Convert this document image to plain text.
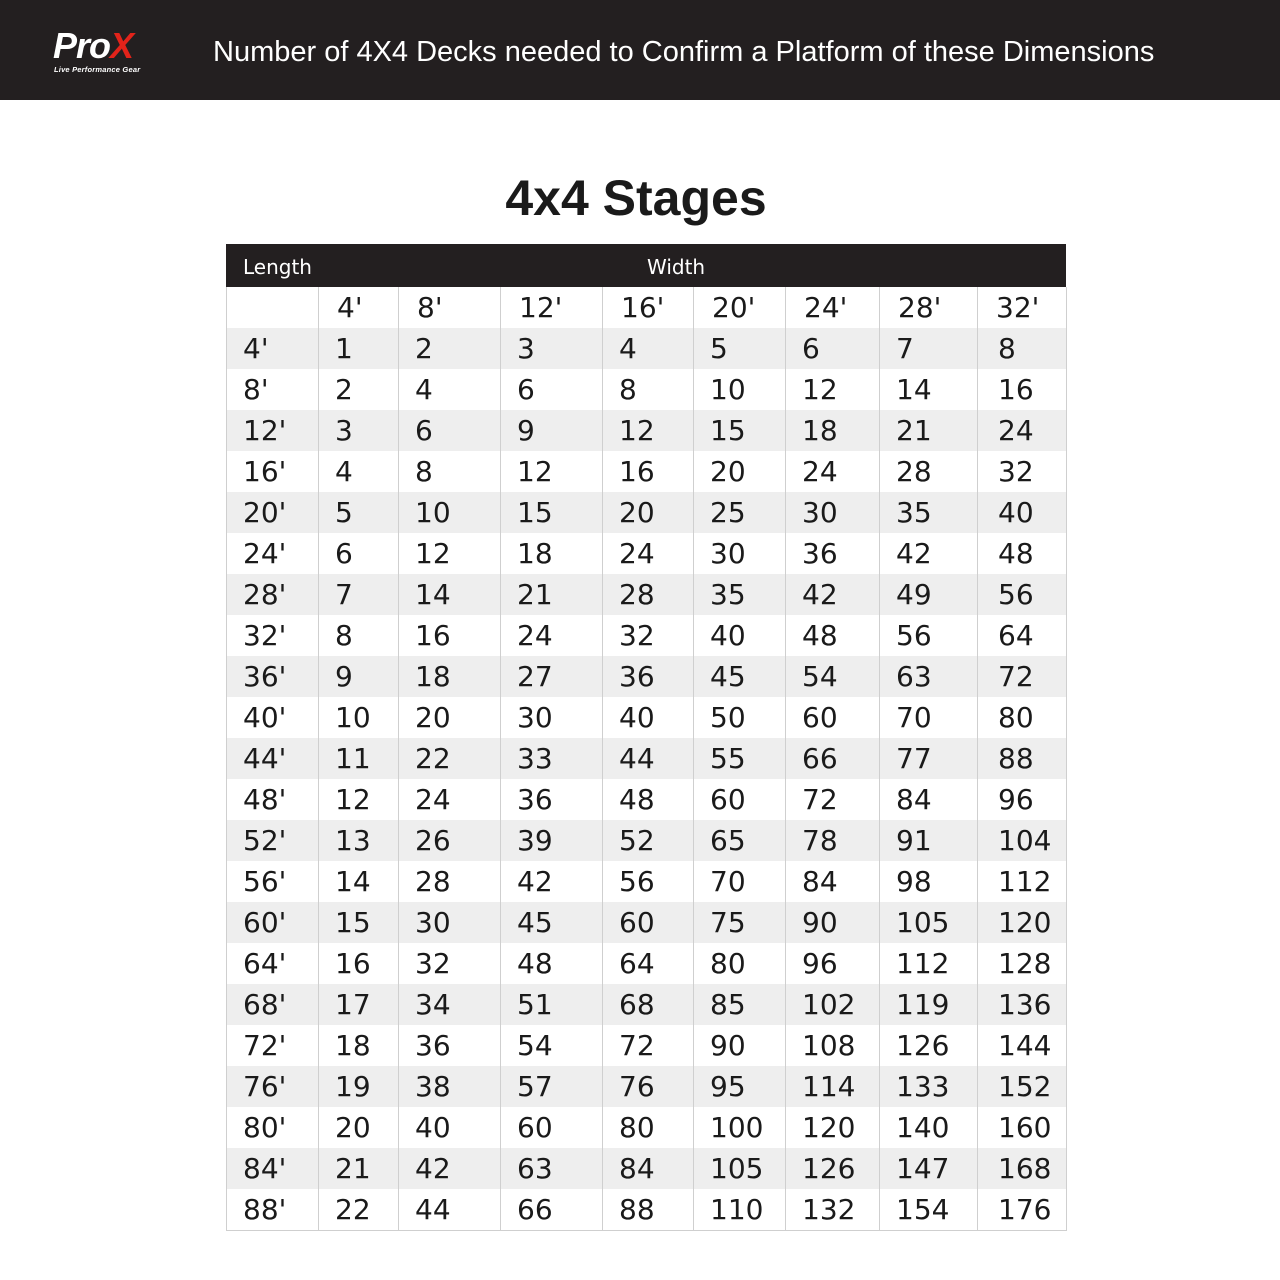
ProX
Live Performance Gear
Number of 4X4 Decks needed to Confirm a Platform of these Dimensions
4x4 Stages
Length	Width
	4'	8'	12'	16'	20'	24'	28'	32'
4'	1	2	3	4	5	6	7	8
8'	2	4	6	8	10	12	14	16
12'	3	6	9	12	15	18	21	24
16'	4	8	12	16	20	24	28	32
20'	5	10	15	20	25	30	35	40
24'	6	12	18	24	30	36	42	48
28'	7	14	21	28	35	42	49	56
32'	8	16	24	32	40	48	56	64
36'	9	18	27	36	45	54	63	72
40'	10	20	30	40	50	60	70	80
44'	11	22	33	44	55	66	77	88
48'	12	24	36	48	60	72	84	96
52'	13	26	39	52	65	78	91	104
56'	14	28	42	56	70	84	98	112
60'	15	30	45	60	75	90	105	120
64'	16	32	48	64	80	96	112	128
68'	17	34	51	68	85	102	119	136
72'	18	36	54	72	90	108	126	144
76'	19	38	57	76	95	114	133	152
80'	20	40	60	80	100	120	140	160
84'	21	42	63	84	105	126	147	168
88'	22	44	66	88	110	132	154	176
